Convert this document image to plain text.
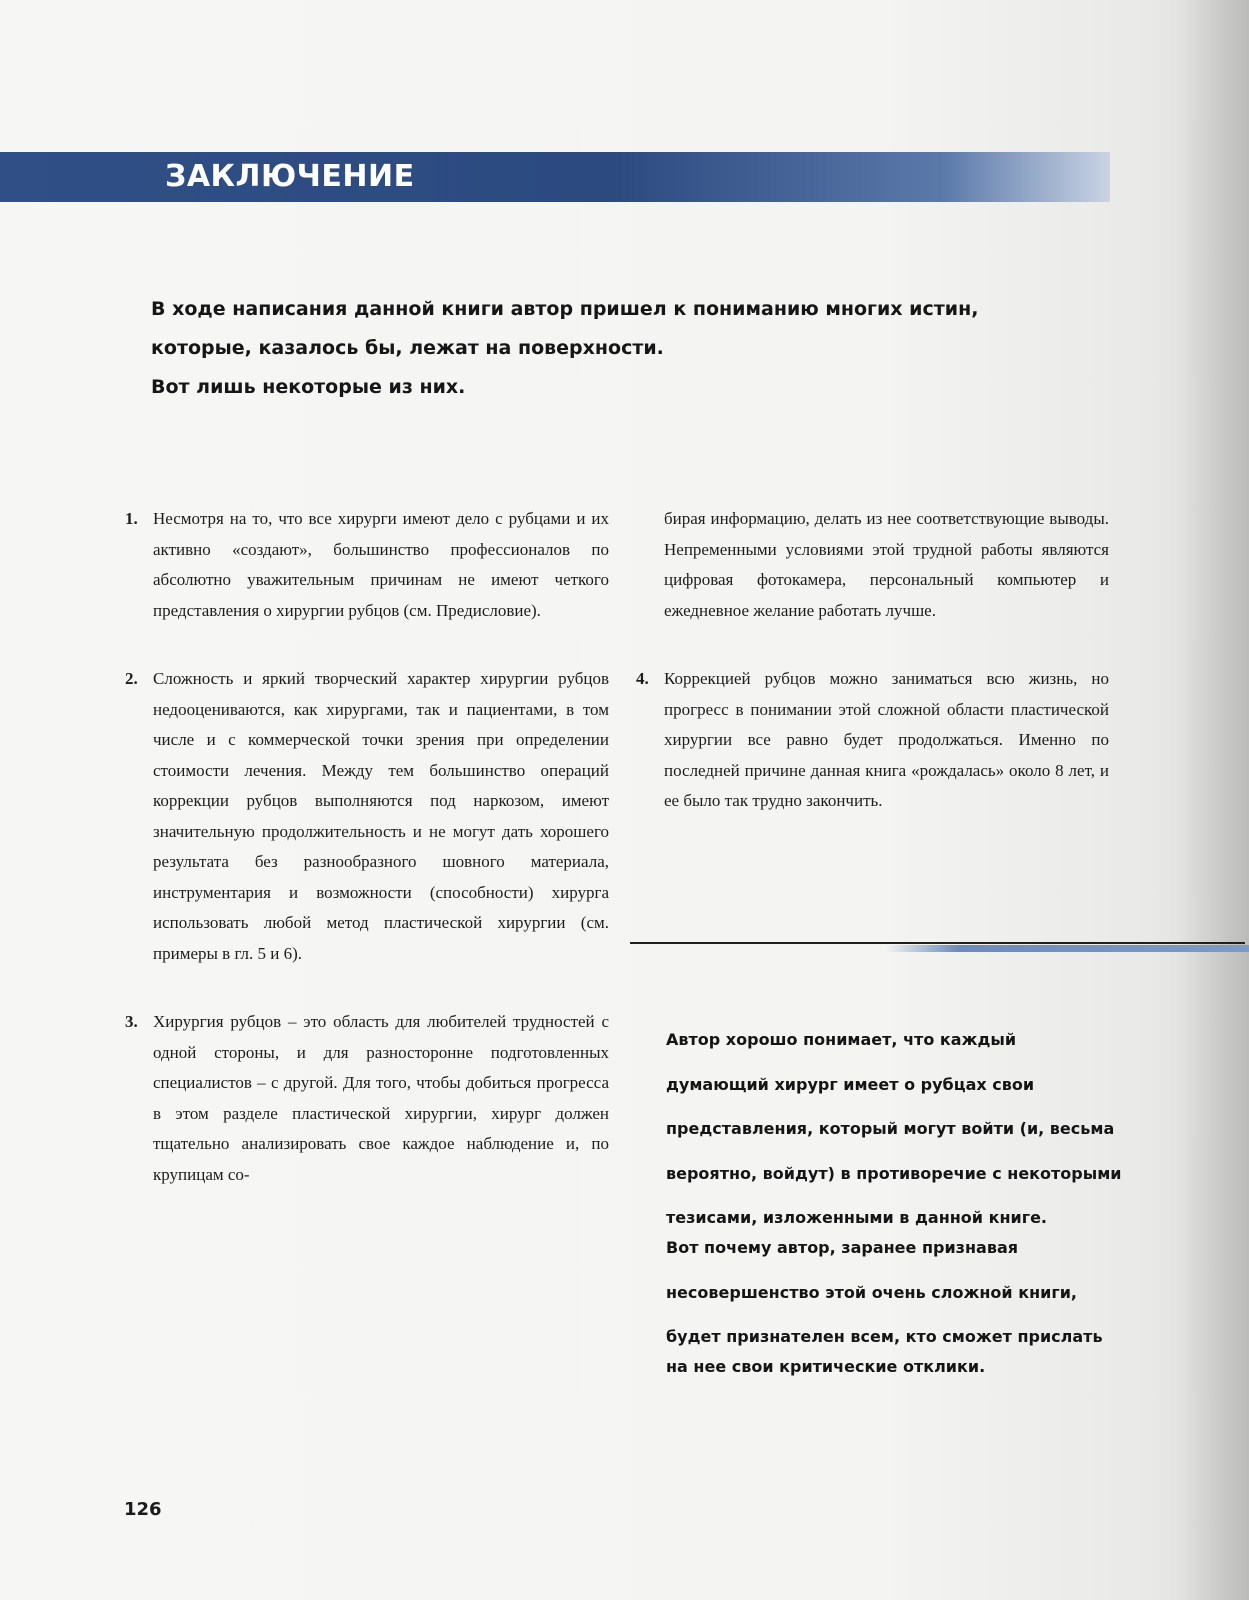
ЗАКЛЮЧЕНИЕ
В ходе написания данной книги автор пришел к пониманию многих истин,
которые, казалось бы, лежат на поверхности.
Вот лишь некоторые из них.
1. Несмотря на то, что все хирурги имеют дело с рубцами и их активно «создают», большинство профессионалов по абсолютно уважительным причинам не имеют четкого представления о хирургии рубцов (см. Предисловие).
2. Сложность и яркий творческий характер хирургии рубцов недооцениваются, как хирургами, так и пациентами, в том числе и с коммерческой точки зрения при определении стоимости лечения. Между тем большинство операций коррекции рубцов выполняются под наркозом, имеют значительную продолжительность и не могут дать хорошего результата без разнообразного шовного материала, инструментария и возможности (способности) хирурга использовать любой метод пластической хирургии (см. примеры в гл. 5 и 6).
3. Хирургия рубцов – это область для любителей трудностей с одной стороны, и для разносторонне подготовленных специалистов – с другой. Для того, чтобы добиться прогресса в этом разделе пластической хирургии, хирург должен тщательно анализировать свое каждое наблюдение и, по крупицам со-
бирая информацию, делать из нее соответствующие выводы. Непременными условиями этой трудной работы являются цифровая фотокамера, персональный компьютер и ежедневное желание работать лучше.
4. Коррекцией рубцов можно заниматься всю жизнь, но прогресс в понимании этой сложной области пластической хирургии все равно будет продолжаться. Именно по последней причине данная книга «рождалась» около 8 лет, и ее было так трудно закончить.
Автор хорошо понимает, что каждый
думающий хирург имеет о рубцах свои
представления, который могут войти (и, весьма
вероятно, войдут) в противоречие с некоторыми
тезисами, изложенными в данной книге.
Вот почему автор, заранее признавая
несовершенство этой очень сложной книги,
будет признателен всем, кто сможет прислать
на нее свои критические отклики.
126
